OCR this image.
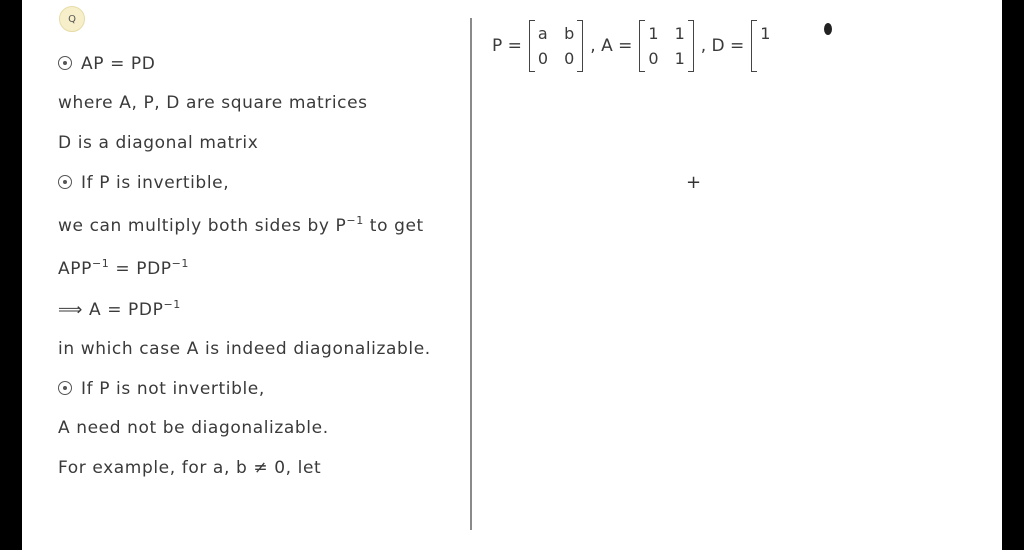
Q
AP = PD
where A, P, D are square matrices
D is a diagonal matrix
If P is invertible,
we can multiply both sides by $P^{-1}$ to get
$APP^{-1} = PDP^{-1}$
⟹ $A = PDP^{-1}$
in which case A is indeed diagonalizable.
If P is not invertible,
A need not be diagonalizable.
For example, for a, b ≠ 0, let
P =
a b
0 0
, A =
1 1
0 1
, D =
1

+
